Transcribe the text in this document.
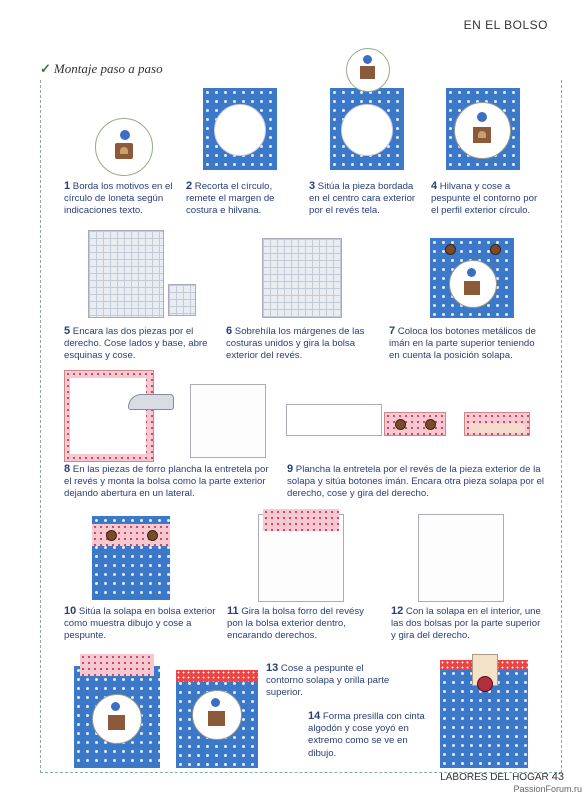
EN EL BOLSO
✓ Montaje paso a paso
1 Borda los motivos en el círculo de loneta según indicaciones texto.
2 Recorta el círculo, remete el margen de costura e hilvana.
3 Sitúa la pieza bordada en el centro cara exterior por el revés tela.
4 Hilvana y cose a pespunte el contorno por el perfil exterior círculo.
5 Encara las dos piezas por el derecho. Cose lados y base, abre esquinas y cose.
6 Sobrehíla los márgenes de las costuras unidos y gira la bolsa exterior del revés.
7 Coloca los botones metálicos de imán en la parte superior teniendo en cuenta la posición solapa.
8 En las piezas de forro plancha la entretela por el revés y monta la bolsa como la parte exterior dejando abertura en un lateral.
9 Plancha la entretela por el revés de la pieza exterior de la solapa y sitúa botones imán. Encara otra pieza solapa por el derecho, cose y gira del derecho.
10 Sitúa la solapa en bolsa exterior como muestra dibujo y cose a pespunte.
11 Gira la bolsa forro del revésy pon la bolsa exterior dentro, encarando derechos.
12 Con la solapa en el interior, une las dos bolsas por la parte superior y gira del derecho.
13 Cose a pespunte el contorno solapa y orilla parte superior.
14 Forma presilla con cinta algodón y cose yoyó en extremo como se ve en dibujo.
LABORES DEL HOGAR 43
PassionForum.ru
